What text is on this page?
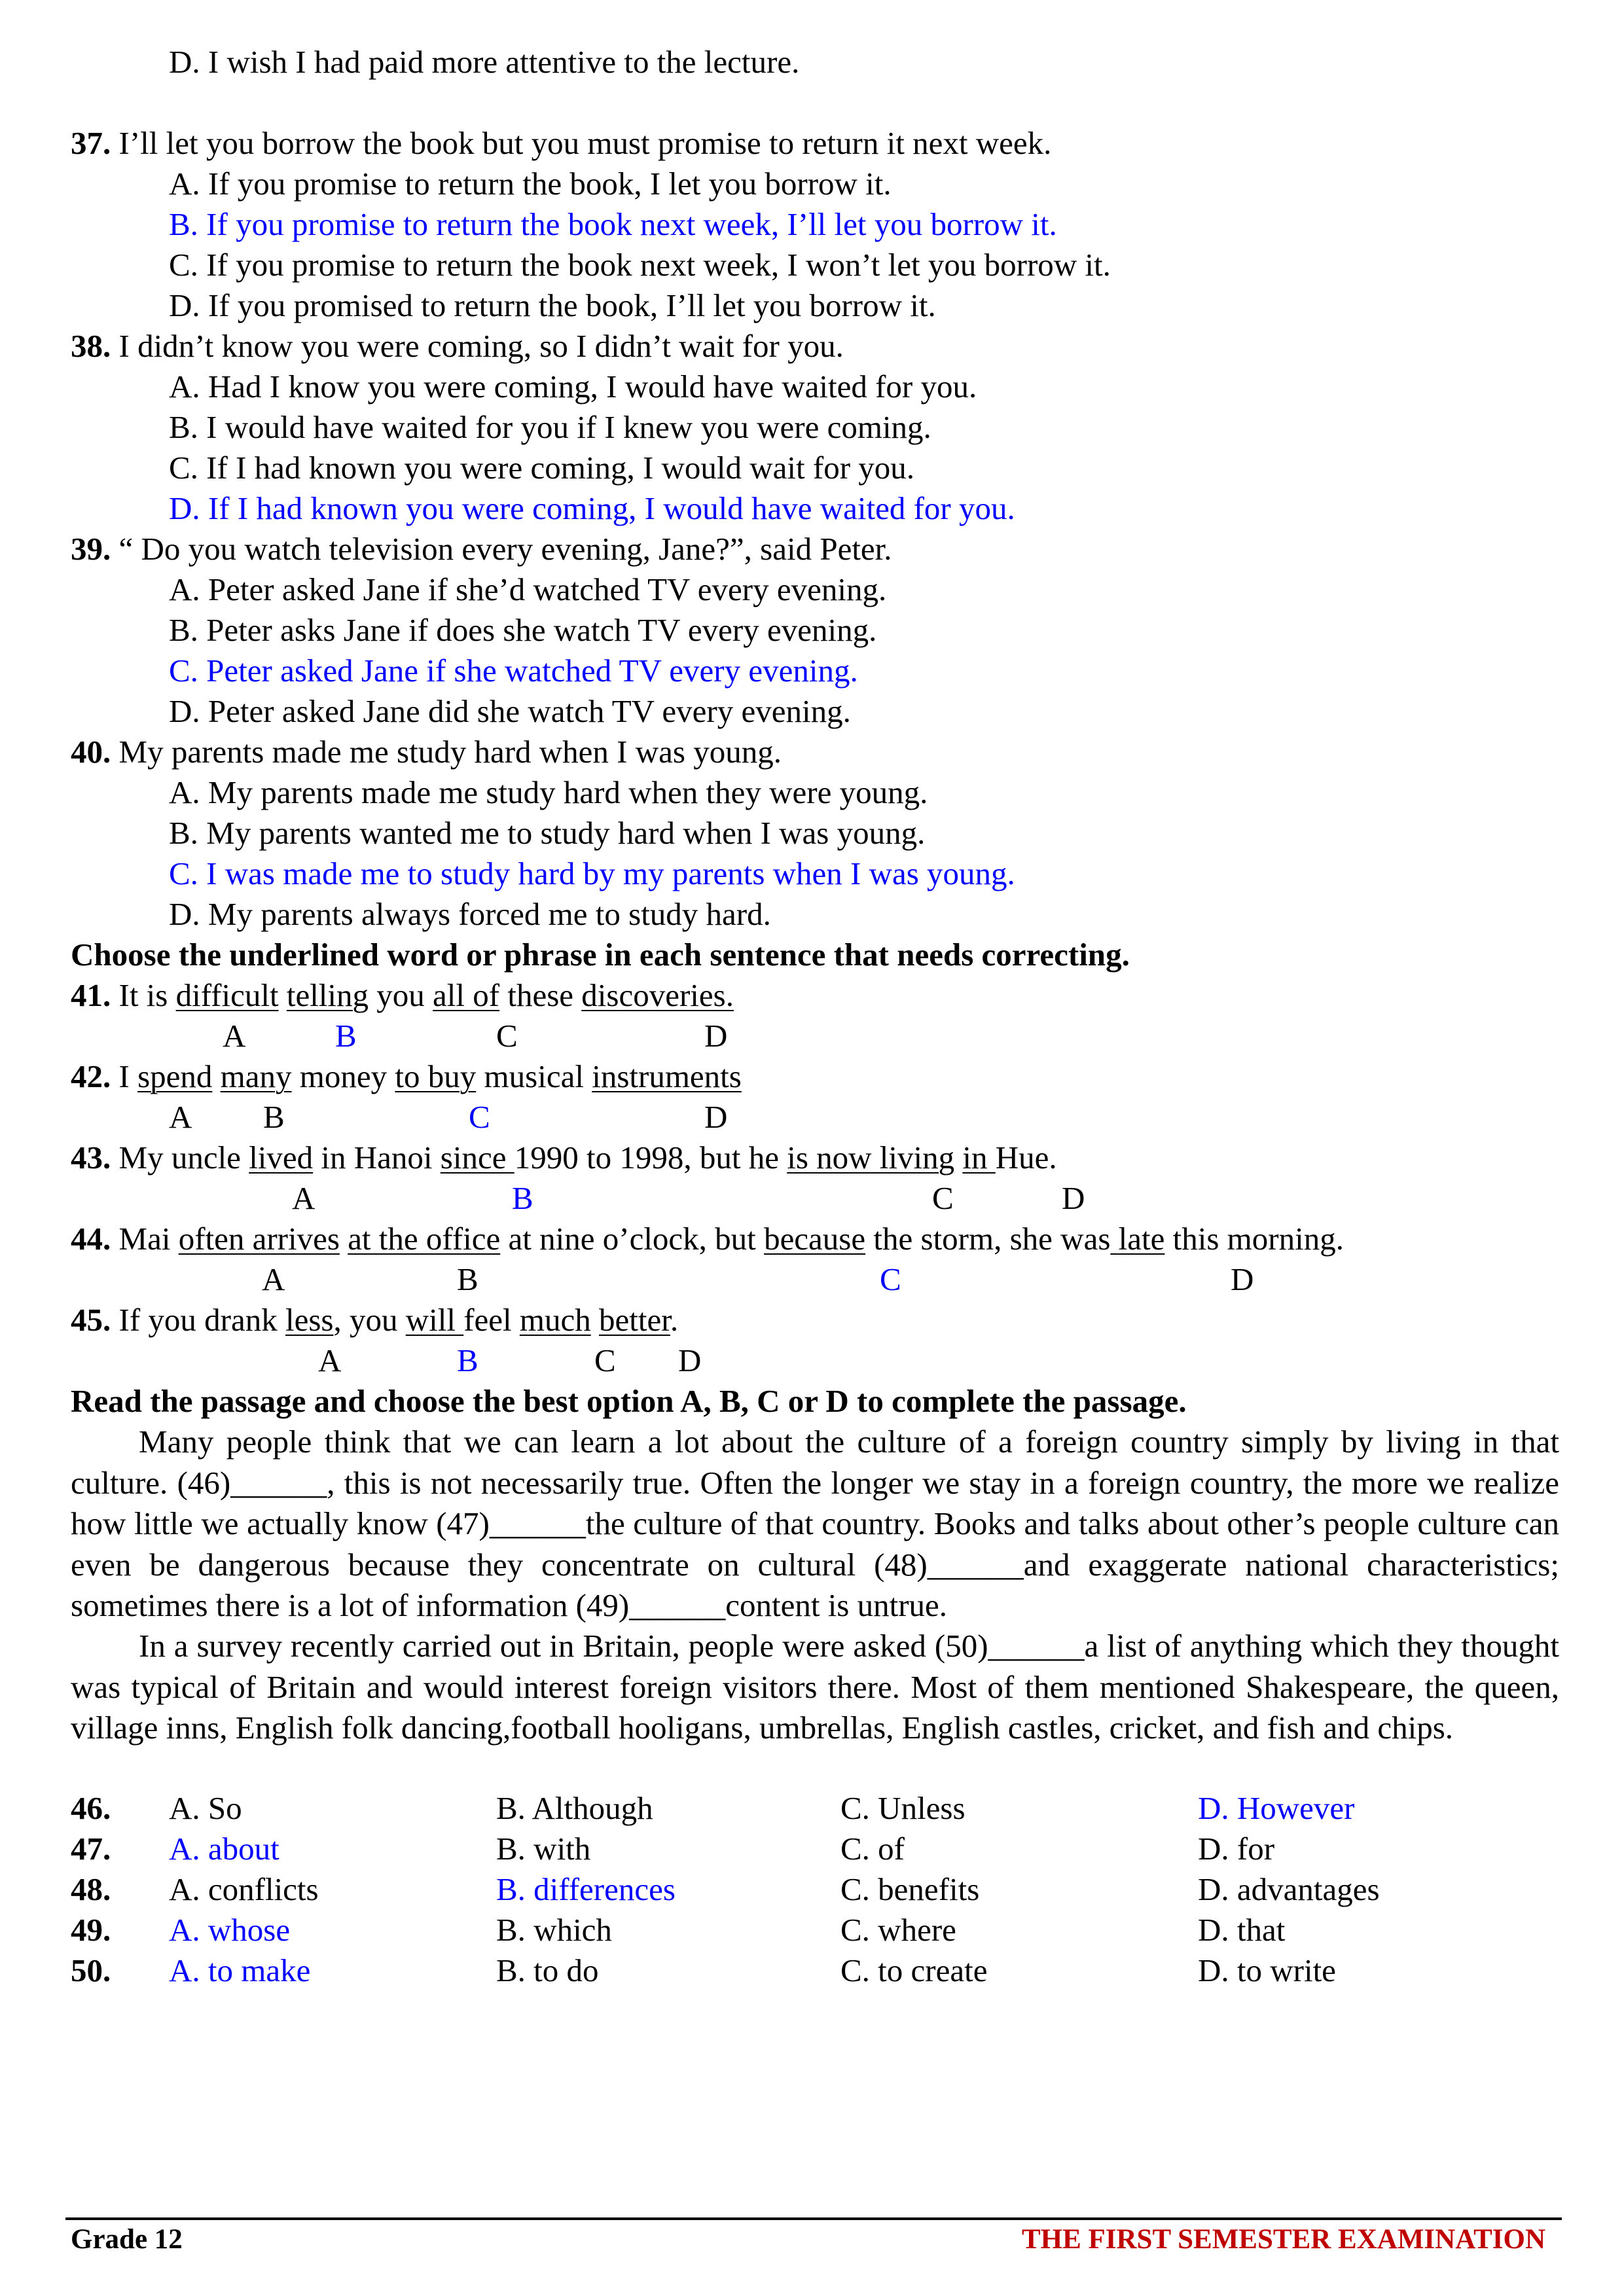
D. I wish I had paid more attentive to the lecture.
37. I’ll let you borrow the book but you must promise to return it next week.
A. If you promise to return the book, I let you borrow it.
B. If you promise to return the book next week, I’ll let you borrow it.
C. If you promise to return the book next week, I won’t let you borrow it.
D. If you promised to return the book, I’ll let you borrow it.
38. I didn’t know you were coming, so I didn’t wait for you.
A. Had I know you were coming, I would have waited for you.
B. I would have waited for you if I knew you were coming.
C. If I had known you were coming, I would wait for you.
D. If I had known you were coming, I would have waited for you.
39. “ Do you watch television every evening, Jane?”, said Peter.
A. Peter asked Jane if she’d watched TV every evening.
B. Peter asks Jane if does she watch TV every evening.
C. Peter asked Jane if she watched TV every evening.
D. Peter asked Jane did she watch TV every evening.
40. My parents made me study hard when I was young.
A. My parents made me study hard when they were young.
B. My parents wanted me to study hard when I was young.
C. I was made me to study hard by my parents when I was young.
D. My parents always forced me to study hard.
Choose the underlined word or phrase in each sentence that needs correcting.
41. It is difficult telling you all of these discoveries.
A	B	C	D
42. I spend many money to buy musical instruments
A B	C	D
43. My uncle lived in Hanoi since 1990 to 1998, but he is now living in Hue.
A	B	C	D
44. Mai often arrives at the office at nine o’clock, but because the storm, she was late this morning.
A	B	C	D
45. If you drank less, you will feel much better.
A	B	C D
Read the passage and choose the best option A, B, C or D to complete the passage.

Many people think that we can learn a lot about the culture of a foreign country simply by living in that culture. (46)______, this is not necessarily true. Often the longer we stay in a foreign country, the more we realize how little we actually know (47)______the culture of that country. Books and talks about other’s people culture can even be dangerous because they concentrate on cultural (48)______and exaggerate national characteristics; sometimes there is a lot of information (49)______content is untrue.

In a survey recently carried out in Britain, people were asked (50)______a list of anything which they thought was typical of Britain and would interest foreign visitors there. Most of them mentioned Shakespeare, the queen, village inns, English folk dancing,football hooligans, umbrellas, English castles, cricket, and fish and chips.

46. A. So	B. Although	C. Unless	D. However
47. A. about	B. with	C. of	D. for
48. A. conflicts	B. differences	C. benefits	D. advantages
49. A. whose	B. which	C. where	D. that
50. A. to make	B. to do	C. to create	D. to write
Grade 12	THE FIRST SEMESTER EXAMINATION
